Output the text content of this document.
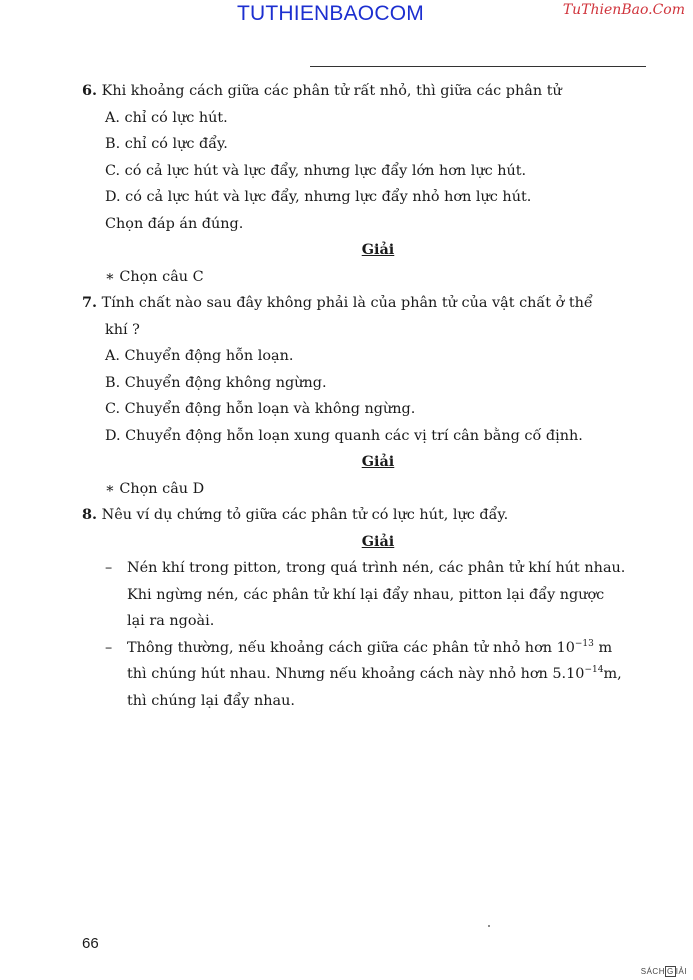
TUTHIENBAOCOM	TuThienBao.Com

6. Khi khoảng cách giữa các phân tử rất nhỏ, thì giữa các phân tử

A. chỉ có lực hút.

B. chỉ có lực đẩy.

C. có cả lực hút và lực đẩy, nhưng lực đẩy lớn hơn lực hút.

D. có cả lực hút và lực đẩy, nhưng lực đẩy nhỏ hơn lực hút.

Chọn đáp án đúng.

Giải

∗ Chọn câu C

7. Tính chất nào sau đây không phải là của phân tử của vật chất ở thể

khí ?

A. Chuyển động hỗn loạn.

B. Chuyển động không ngừng.

C. Chuyển động hỗn loạn và không ngừng.

D. Chuyển động hỗn loạn xung quanh các vị trí cân bằng cố định.

Giải

∗ Chọn câu D

8. Nêu ví dụ chứng tỏ giữa các phân tử có lực hút, lực đẩy.

Giải

–	Nén khí trong pitton, trong quá trình nén, các phân tử khí hút nhau.
Khi ngừng nén, các phân tử khí lại đẩy nhau, pitton lại đẩy ngược
lại ra ngoài.
–	Thông thường, nếu khoảng cách giữa các phân tử nhỏ hơn $10^{-13}$ m
thì chúng hút nhau. Nhưng nếu khoảng cách này nhỏ hơn $5.10^{-14}m$,
thì chúng lại đẩy nhau.
66
SÁCH G IẢI
